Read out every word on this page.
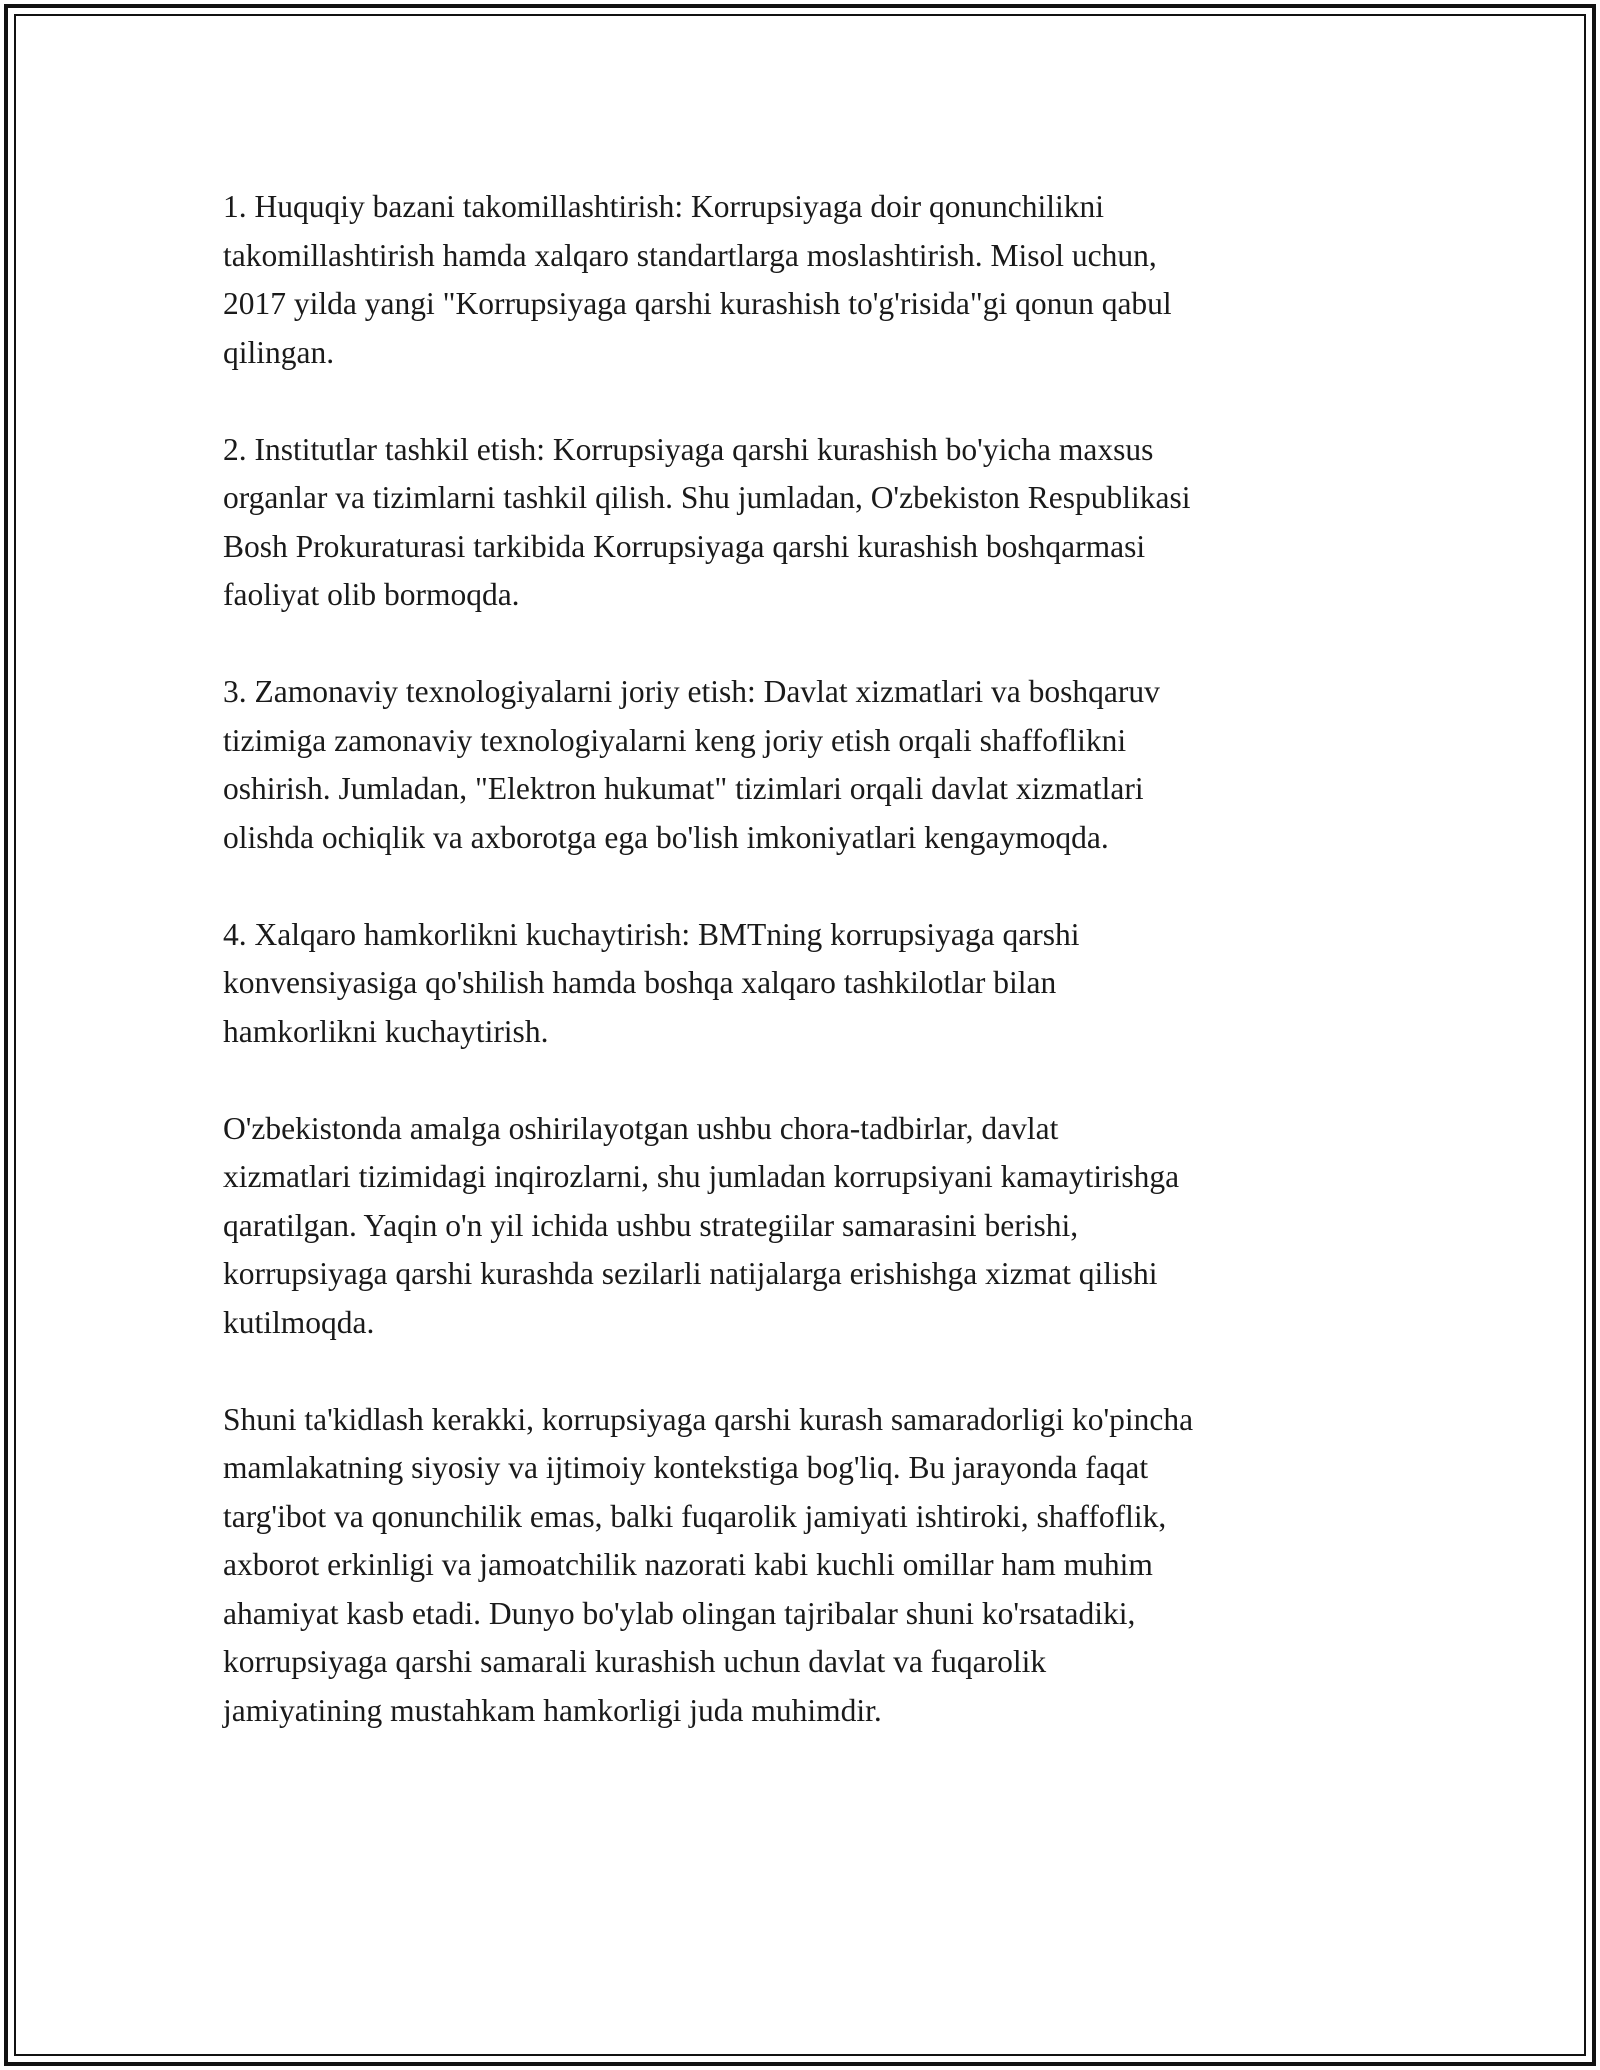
1. Huquqiy bazani takomillashtirish: Korrupsiyaga doir qonunchilikni
takomillashtirish hamda xalqaro standartlarga moslashtirish. Misol uchun,
2017 yilda yangi "Korrupsiyaga qarshi kurashish to'g'risida"gi qonun qabul
qilingan.

2. Institutlar tashkil etish: Korrupsiyaga qarshi kurashish bo'yicha maxsus
organlar va tizimlarni tashkil qilish. Shu jumladan, O'zbekiston Respublikasi
Bosh Prokuraturasi tarkibida Korrupsiyaga qarshi kurashish boshqarmasi
faoliyat olib bormoqda.

3. Zamonaviy texnologiyalarni joriy etish: Davlat xizmatlari va boshqaruv
tizimiga zamonaviy texnologiyalarni keng joriy etish orqali shaffoflikni
oshirish. Jumladan, "Elektron hukumat" tizimlari orqali davlat xizmatlari
olishda ochiqlik va axborotga ega bo'lish imkoniyatlari kengaymoqda.

4. Xalqaro hamkorlikni kuchaytirish: BMTning korrupsiyaga qarshi
konvensiyasiga qo'shilish hamda boshqa xalqaro tashkilotlar bilan
hamkorlikni kuchaytirish.

O'zbekistonda amalga oshirilayotgan ushbu chora-tadbirlar, davlat
xizmatlari tizimidagi inqirozlarni, shu jumladan korrupsiyani kamaytirishga
qaratilgan. Yaqin o'n yil ichida ushbu strategiilar samarasini berishi,
korrupsiyaga qarshi kurashda sezilarli natijalarga erishishga xizmat qilishi
kutilmoqda.

Shuni ta'kidlash kerakki, korrupsiyaga qarshi kurash samaradorligi ko'pincha
mamlakatning siyosiy va ijtimoiy kontekstiga bog'liq. Bu jarayonda faqat
targ'ibot va qonunchilik emas, balki fuqarolik jamiyati ishtiroki, shaffoflik,
axborot erkinligi va jamoatchilik nazorati kabi kuchli omillar ham muhim
ahamiyat kasb etadi. Dunyo bo'ylab olingan tajribalar shuni ko'rsatadiki,
korrupsiyaga qarshi samarali kurashish uchun davlat va fuqarolik
jamiyatining mustahkam hamkorligi juda muhimdir.
